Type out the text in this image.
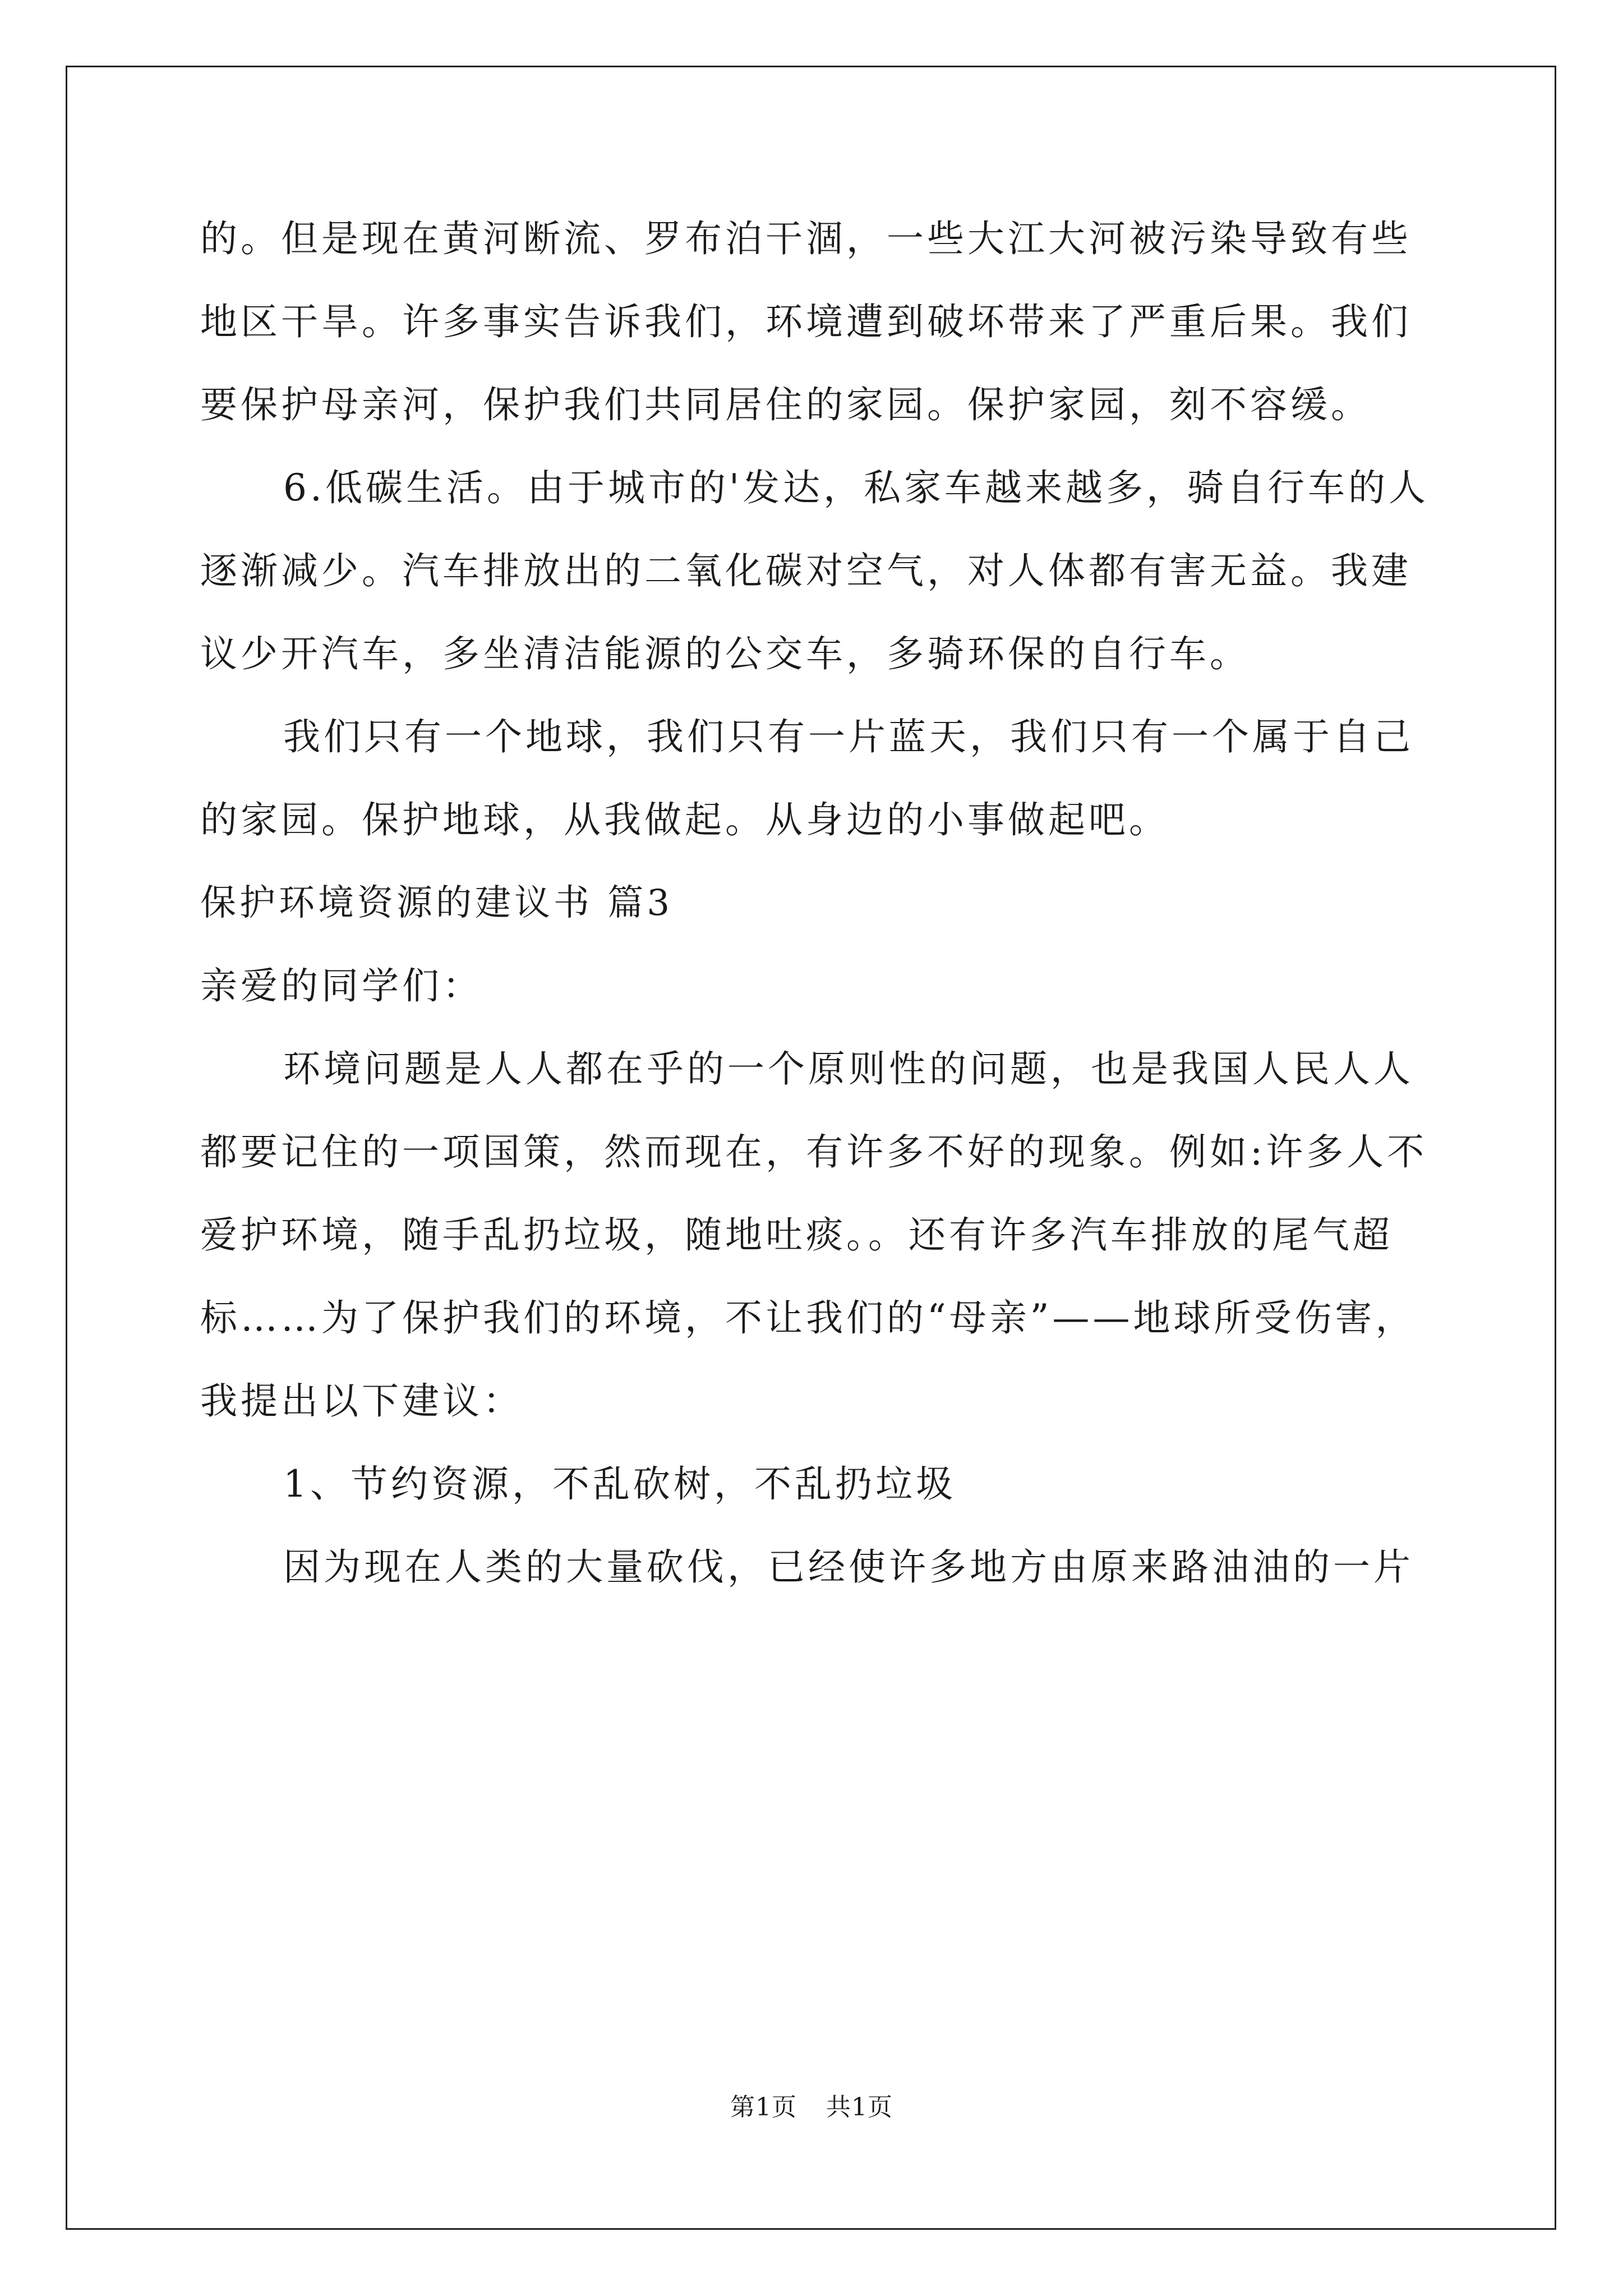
的。但是现在黄河断流、罗布泊干涸，一些大江大河被污染导致有些
地区干旱。许多事实告诉我们，环境遭到破坏带来了严重后果。我们
要保护母亲河，保护我们共同居住的家园。保护家园，刻不容缓。
6.低碳生活。由于城市的'发达，私家车越来越多，骑自行车的人
逐渐减少。汽车排放出的二氧化碳对空气，对人体都有害无益。我建
议少开汽车，多坐清洁能源的公交车，多骑环保的自行车。
我们只有一个地球，我们只有一片蓝天，我们只有一个属于自己
的家园。保护地球，从我做起。从身边的小事做起吧。
保护环境资源的建议书 篇3
亲爱的同学们：
环境问题是人人都在乎的一个原则性的问题，也是我国人民人人
都要记住的一项国策，然而现在，有许多不好的现象。例如:许多人不
爱护环境，随手乱扔垃圾，随地吐痰。。还有许多汽车排放的尾气超
标……为了保护我们的环境，不让我们的“母亲”——地球所受伤害，
我提出以下建议：
1、节约资源，不乱砍树，不乱扔垃圾
因为现在人类的大量砍伐，已经使许多地方由原来路油油的一片
第1页 共1页
